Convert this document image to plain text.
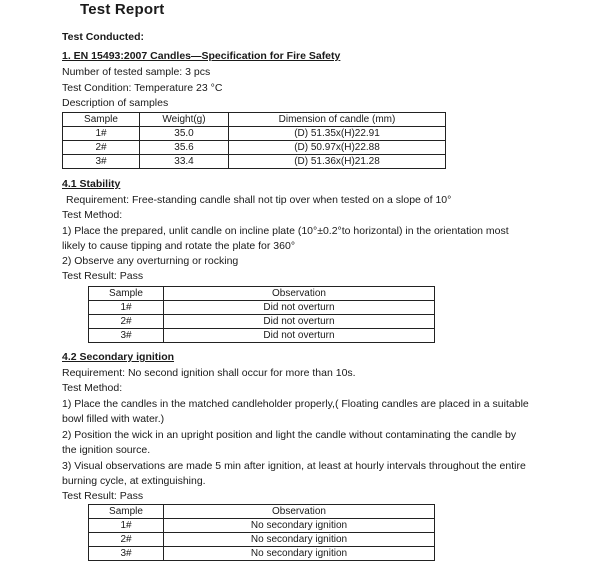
Test Report
Test Conducted:
1. EN 15493:2007 Candles—Specification for Fire Safety
Number of tested sample: 3 pcs
Test Condition: Temperature 23 °C
Description of samples
Sample	Weight(g)	Dimension of candle (mm)
1#	35.0	(D) 51.35x(H)22.91
2#	35.6	(D) 50.97x(H)22.88
3#	33.4	(D) 51.36x(H)21.28
4.1 Stability
Requirement: Free-standing candle shall not tip over when tested on a slope of 10°
Test Method:
1) Place the prepared, unlit candle on incline plate (10°±0.2°to horizontal) in the orientation most
likely to cause tipping and rotate the plate for 360°
2) Observe any overturning or rocking
Test Result: Pass
Sample	Observation
1#	Did not overturn
2#	Did not overturn
3#	Did not overturn
4.2 Secondary ignition
Requirement: No second ignition shall occur for more than 10s.
Test Method:
1) Place the candles in the matched candleholder properly,( Floating candles are placed in a suitable
bowl filled with water.)
2) Position the wick in an upright position and light the candle without contaminating the candle by
the ignition source.
3) Visual observations are made 5 min after ignition, at least at hourly intervals throughout the entire
burning cycle, at extinguishing.
Test Result: Pass
Sample	Observation
1#	No secondary ignition
2#	No secondary ignition
3#	No secondary ignition
